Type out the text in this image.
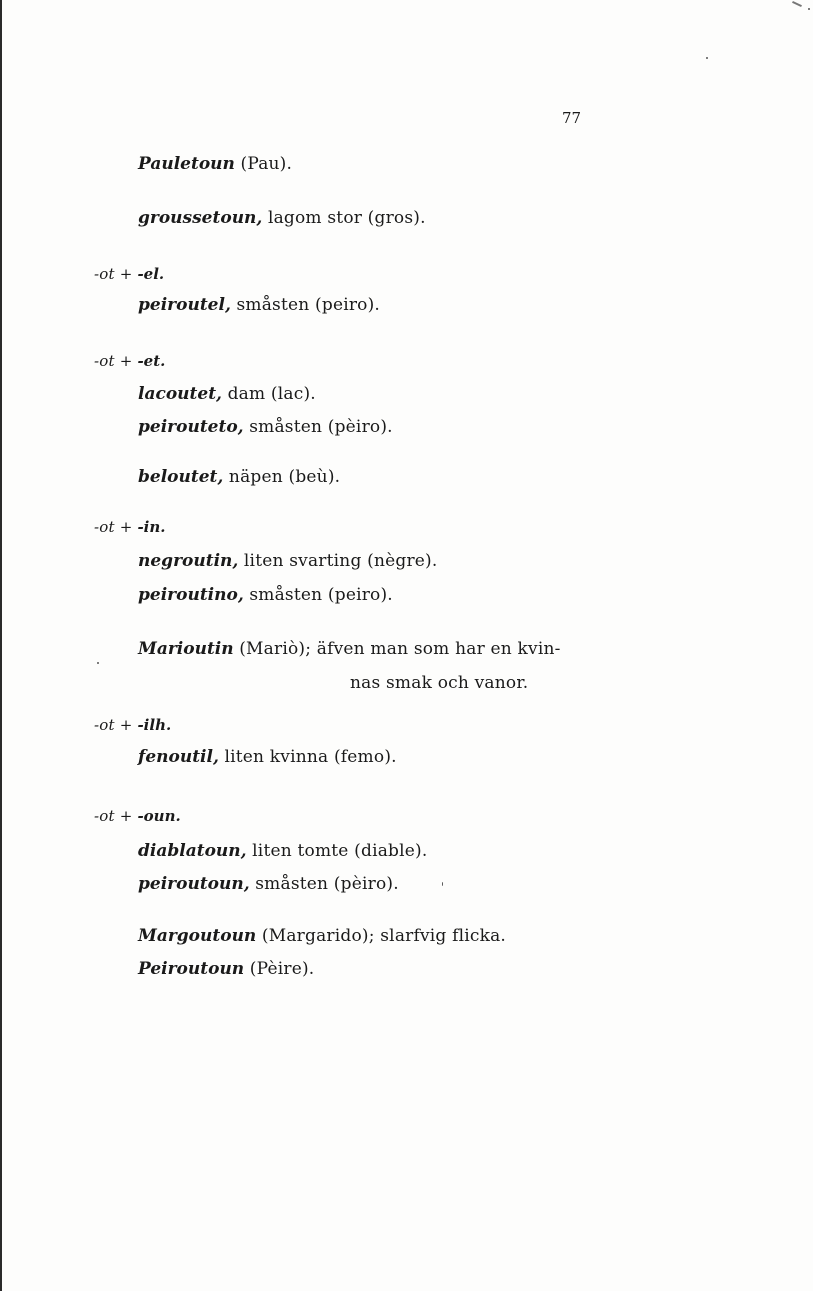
77
Pauletoun (Pau).
groussetoun, lagom stor (gros).
-ot + -el.
peiroutel, småsten (peiro).
-ot + -et.
lacoutet, dam (lac).
peirouteto, småsten (pèiro).
beloutet, näpen (beù).
-ot + -in.
negroutin, liten svarting (nègre).
peiroutino, småsten (peiro).
Marioutin (Mariò); äfven man som har en kvin-
nas smak och vanor.
-ot + -ilh.
fenoutil, liten kvinna (femo).
-ot + -oun.
diablatoun, liten tomte (diable).
peiroutoun, småsten (pèiro).
Margoutoun (Margarido); slarfvig flicka.
Peiroutoun (Pèire).
